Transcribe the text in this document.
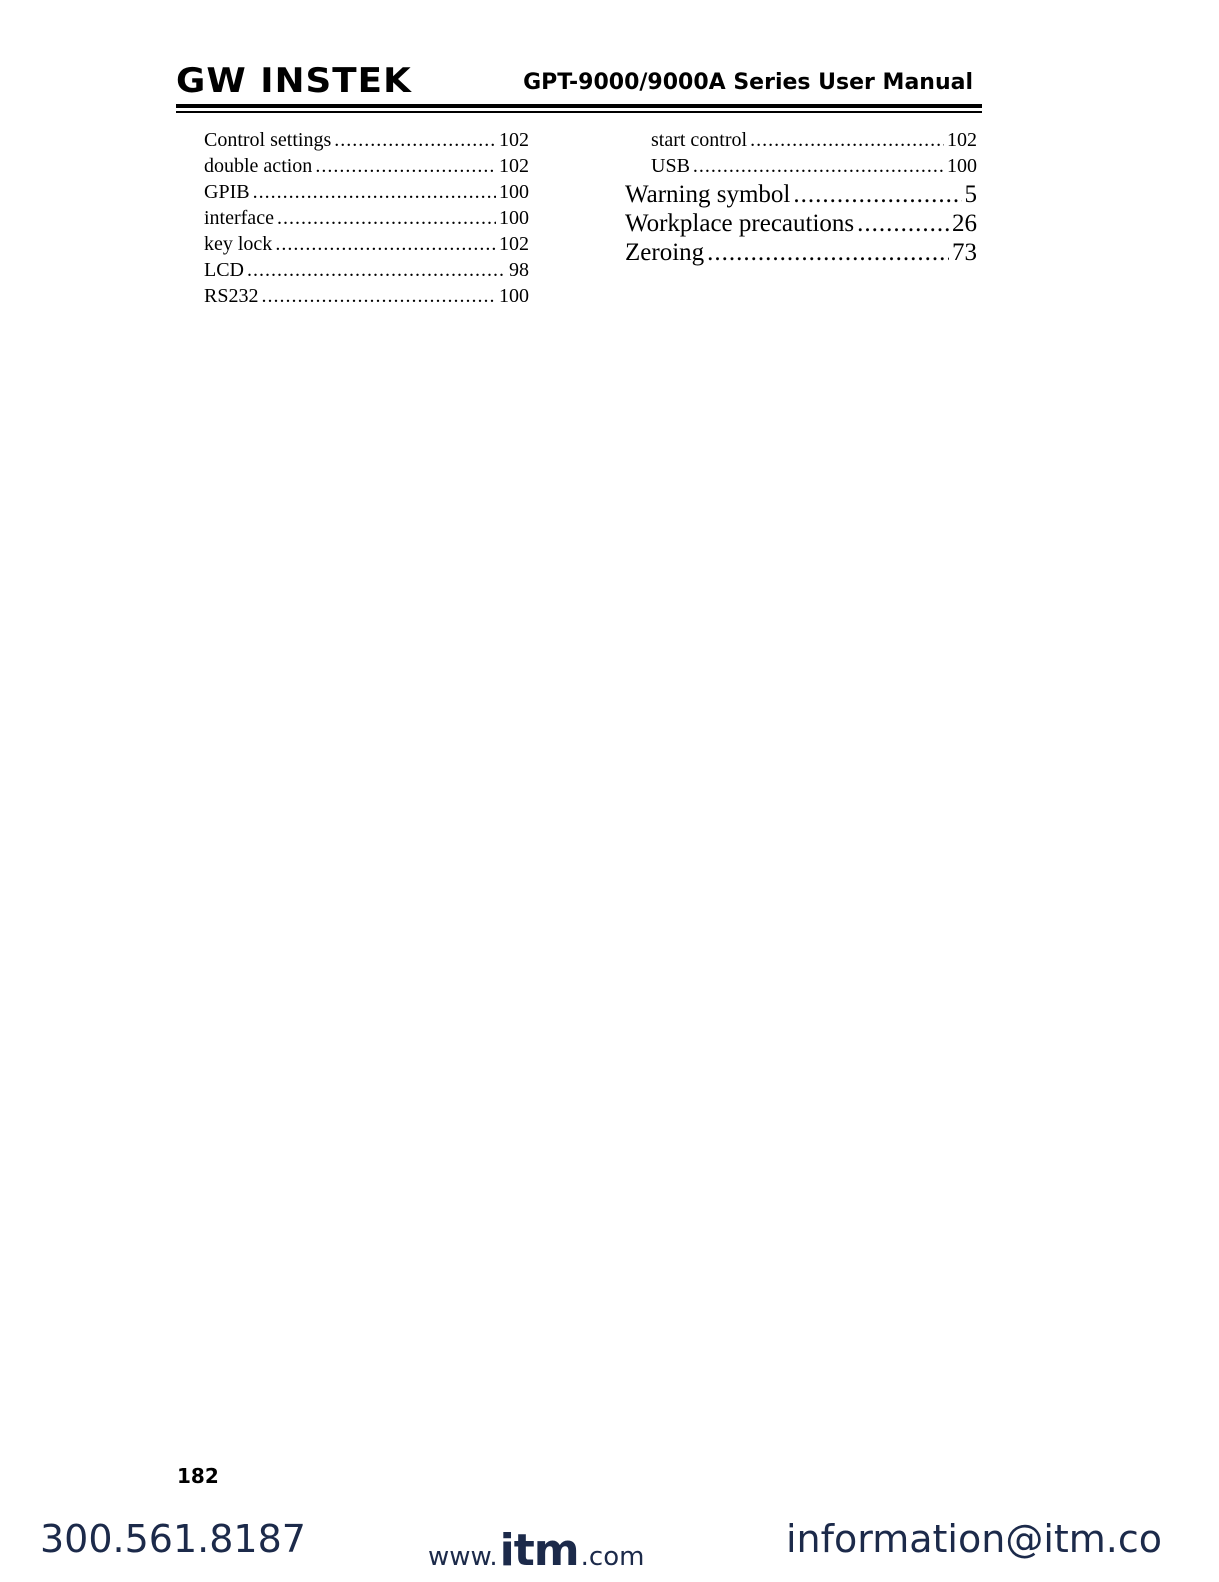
GW INSTEK	GPT-9000/9000A Series User Manual
Control settings .....	102
double action .....	102
GPIB .....	100
interface .....	100
key lock .....	102
LCD .....	98
RS232 .....	100
start control .....	102
USB .....	100
Warning symbol .....	5
Workplace precautions .....	26
Zeroing .....	73
182
300.561.8187	www. itm .com	information@itm.co
